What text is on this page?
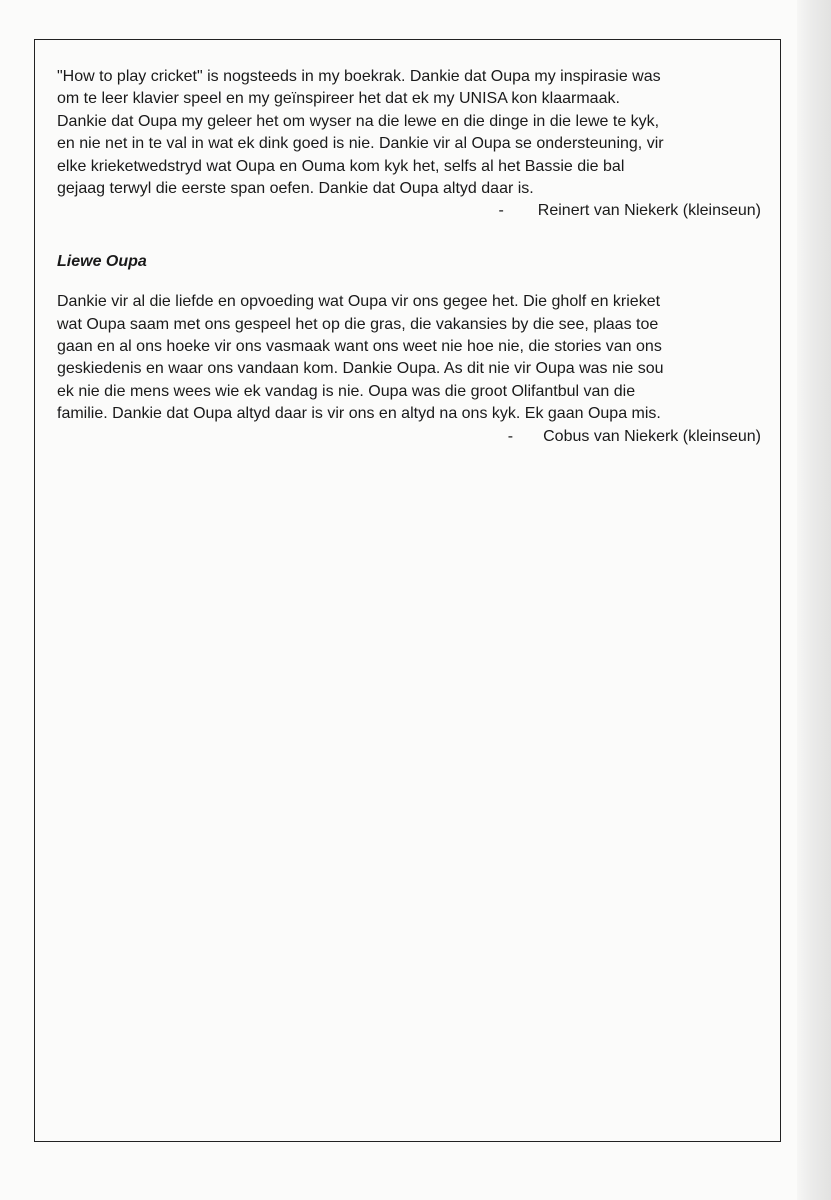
"How to play cricket" is nogsteeds in my boekrak. Dankie dat Oupa my inspirasie was
om te leer klavier speel en my geïnspireer het dat ek my UNISA kon klaarmaak.
Dankie dat Oupa my geleer het om wyser na die lewe en die dinge in die lewe te kyk,
en nie net in te val in wat ek dink goed is nie. Dankie vir al Oupa se ondersteuning, vir
elke krieketwedstryd wat Oupa en Ouma kom kyk het, selfs al het Bassie die bal
gejaag terwyl die eerste span oefen. Dankie dat Oupa altyd daar is.

- Reinert van Niekerk (kleinseun)

Liewe Oupa

Dankie vir al die liefde en opvoeding wat Oupa vir ons gegee het. Die gholf en krieket
wat Oupa saam met ons gespeel het op die gras, die vakansies by die see, plaas toe
gaan en al ons hoeke vir ons vasmaak want ons weet nie hoe nie, die stories van ons
geskiedenis en waar ons vandaan kom. Dankie Oupa. As dit nie vir Oupa was nie sou
ek nie die mens wees wie ek vandag is nie. Oupa was die groot Olifantbul van die
familie. Dankie dat Oupa altyd daar is vir ons en altyd na ons kyk. Ek gaan Oupa mis.

- Cobus van Niekerk (kleinseun)
